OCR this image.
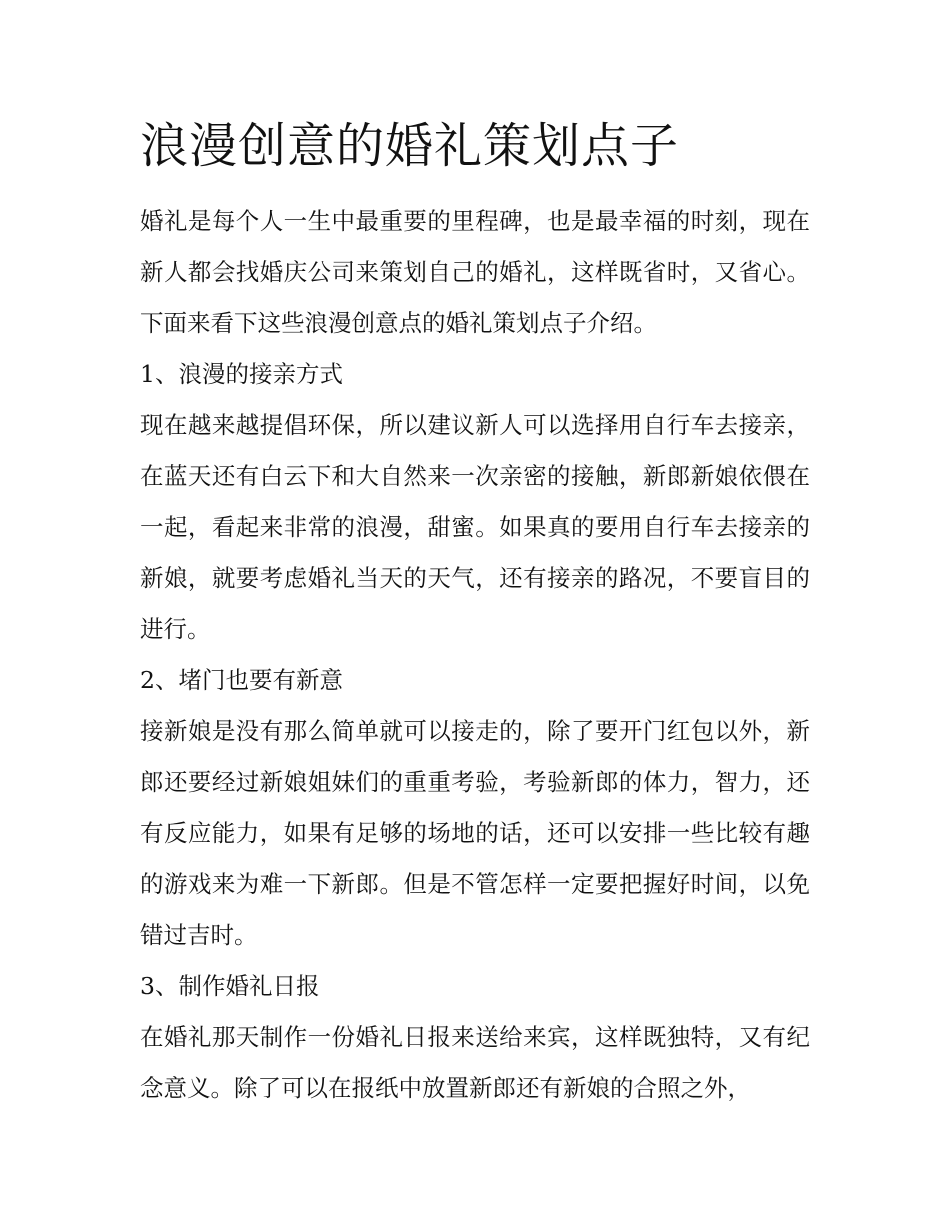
浪漫创意的婚礼策划点子

婚礼是每个人一生中最重要的里程碑，也是最幸福的时刻，现在新人都会找婚庆公司来策划自己的婚礼，这样既省时，又省心。下面来看下这些浪漫创意点的婚礼策划点子介绍。

1、浪漫的接亲方式

现在越来越提倡环保，所以建议新人可以选择用自行车去接亲，在蓝天还有白云下和大自然来一次亲密的接触，新郎新娘依偎在一起，看起来非常的浪漫，甜蜜。如果真的要用自行车去接亲的新娘，就要考虑婚礼当天的天气，还有接亲的路况，不要盲目的进行。

2、堵门也要有新意

接新娘是没有那么简单就可以接走的，除了要开门红包以外，新郎还要经过新娘姐妹们的重重考验，考验新郎的体力，智力，还有反应能力，如果有足够的场地的话，还可以安排一些比较有趣的游戏来为难一下新郎。但是不管怎样一定要把握好时间，以免错过吉时。

3、制作婚礼日报

在婚礼那天制作一份婚礼日报来送给来宾，这样既独特，又有纪念意义。除了可以在报纸中放置新郎还有新娘的合照之外，
